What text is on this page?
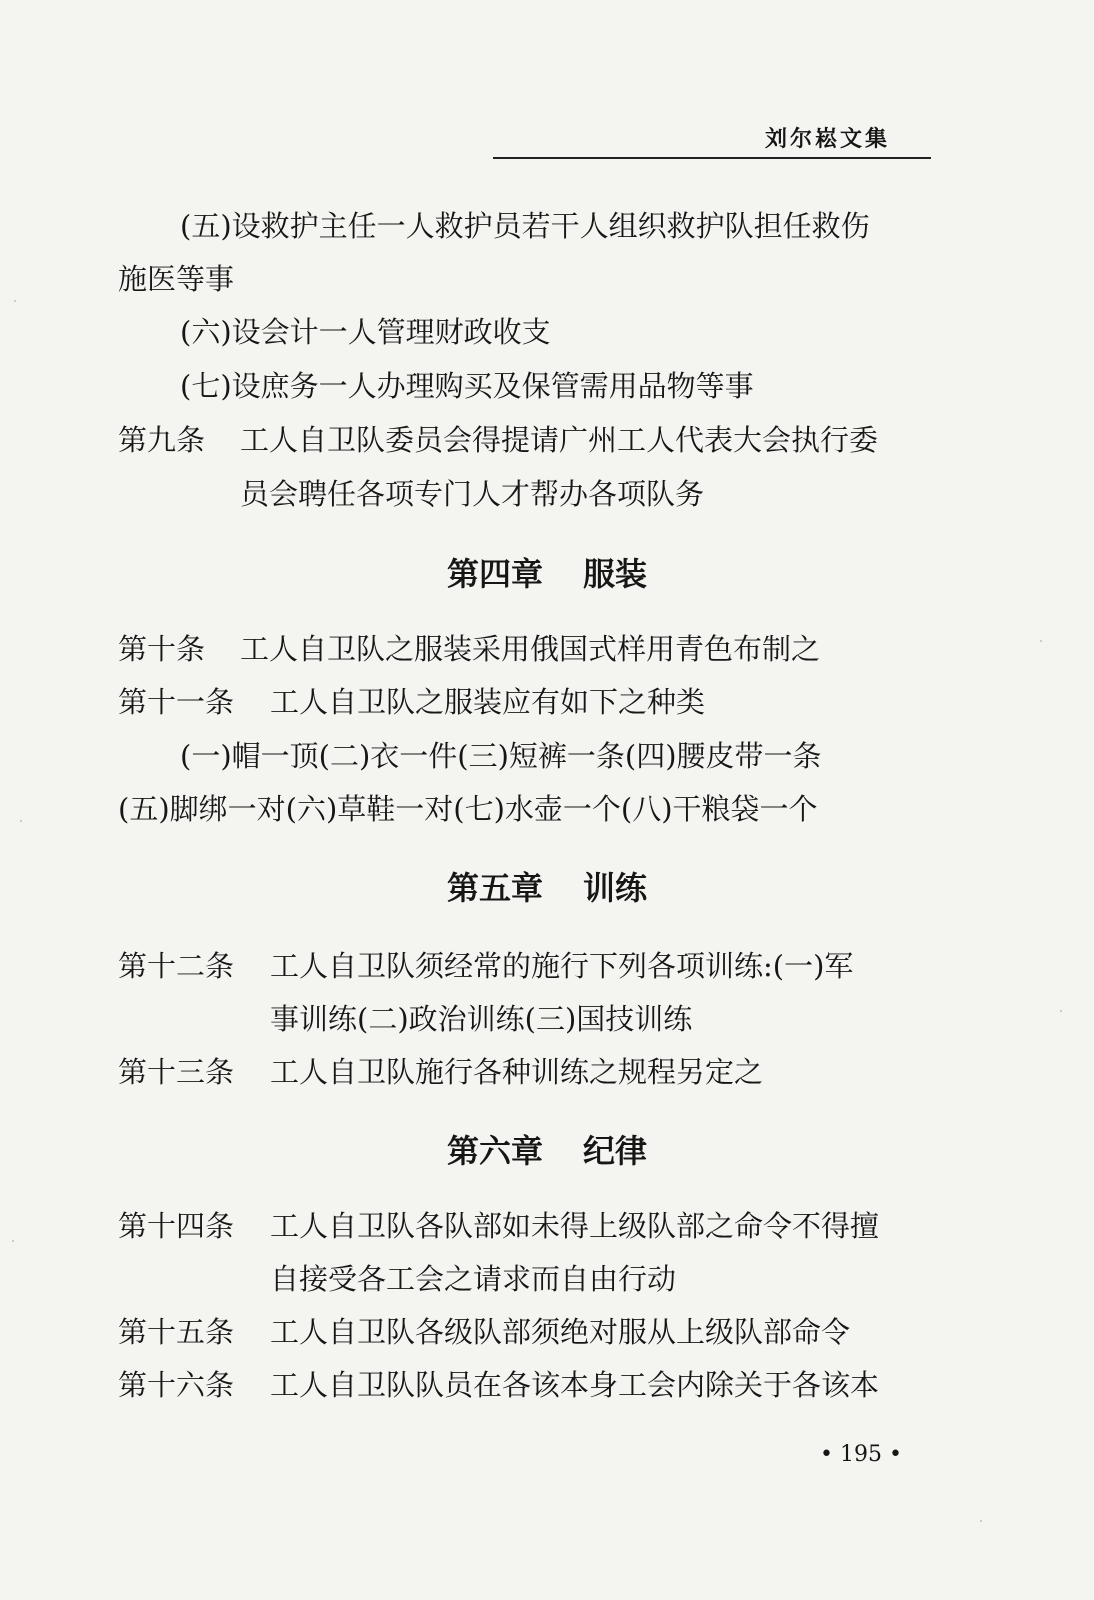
刘尔崧文集
(五)设救护主任一人救护员若干人组织救护队担任救伤
施医等事
(六)设会计一人管理财政收支
(七)设庶务一人办理购买及保管需用品物等事
第九条 工人自卫队委员会得提请广州工人代表大会执行委
员会聘任各项专门人才帮办各项队务
第四章 服装
第十条 工人自卫队之服装采用俄国式样用青色布制之
第十一条 工人自卫队之服装应有如下之种类
(一)帽一顶(二)衣一件(三)短裤一条(四)腰皮带一条
(五)脚绑一对(六)草鞋一对(七)水壶一个(八)干粮袋一个
第五章 训练
第十二条 工人自卫队须经常的施行下列各项训练:(一)军
事训练(二)政治训练(三)国技训练
第十三条 工人自卫队施行各种训练之规程另定之
第六章 纪律
第十四条 工人自卫队各队部如未得上级队部之命令不得擅
自接受各工会之请求而自由行动
第十五条 工人自卫队各级队部须绝对服从上级队部命令
第十六条 工人自卫队队员在各该本身工会内除关于各该本
• 195 •
